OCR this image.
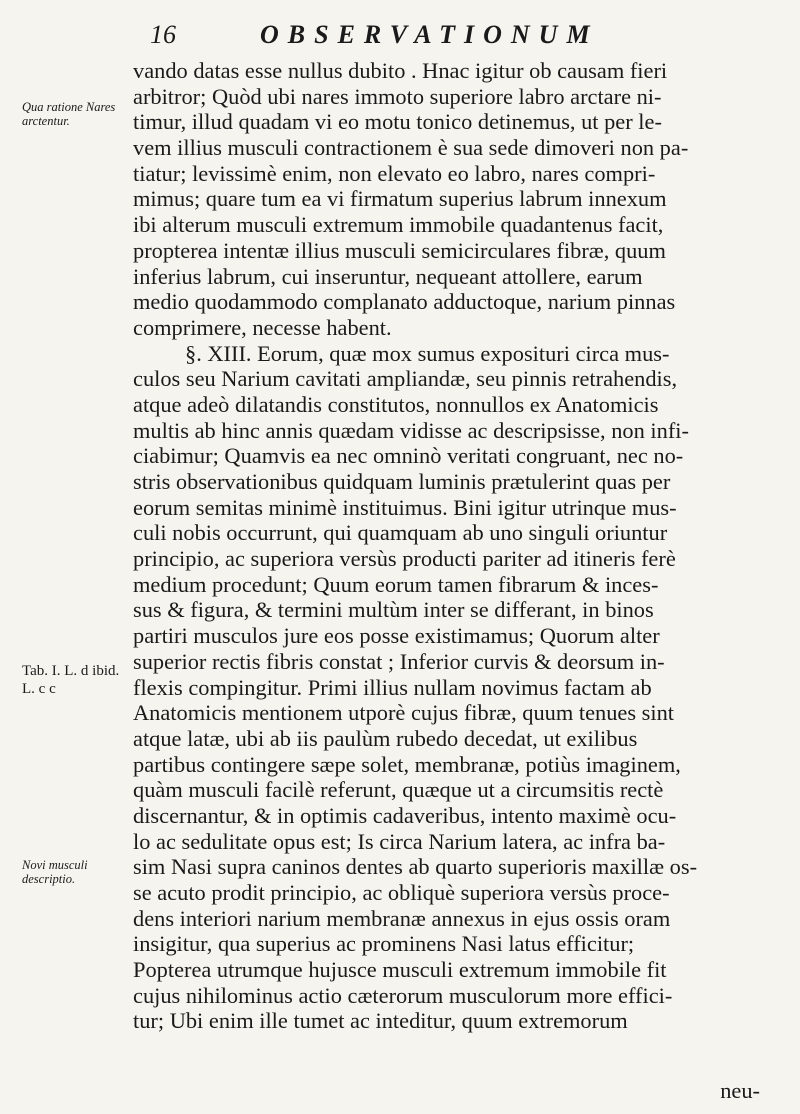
16	OBSERVATIONUM
Qua ratione Nares arctentur.
Tab. I. L. d ibid. L. c c
Novi musculi descriptio.
vando datas esse nullus dubito . Hnac igitur ob causam fieri
arbitror; Quòd ubi nares immoto superiore labro arctare ni-
timur, illud quadam vi eo motu tonico detinemus, ut per le-
vem illius musculi contractionem è sua sede dimoveri non pa-
tiatur; levissimè enim, non elevato eo labro, nares compri-
mimus; quare tum ea vi firmatum superius labrum innexum
ibi alterum musculi extremum immobile quadantenus facit,
propterea intentæ illius musculi semicirculares fibræ, quum
inferius labrum, cui inseruntur, nequeant attollere, earum
medio quodammodo complanato adductoque, narium pinnas
comprimere, necesse habent.
§. XIII. Eorum, quæ mox sumus expositurі circa mus-
culos seu Narium cavitati ampliandæ, seu pinnis retrahendis,
atque adeò dilatandis constitutos, nonnullos ex Anatomicis
multis ab hinc annis quædam vidisse ac descripsisse, non infi-
ciabimur; Quamvis ea nec omninò veritati congruant, nec no-
stris observationibus quidquam luminis prætulerint quas per
eorum semitas minimè instituimus. Bini igitur utrinque mus-
culi nobis occurrunt, qui quamquam ab uno singuli oriuntur
principio, ac superiora versùs producti pariter ad itineris ferè
medium procedunt; Quum eorum tamen fibrarum & inces-
sus & figura, & termini multùm inter se differant, in binos
partiri musculos jure eos posse existimamus; Quorum alter
superior rectis fibris constat ; Inferior curvis & deorsum in-
flexis compingitur. Primi illius nullam novimus factam ab
Anatomicis mentionem utporè cujus fibræ, quum tenues sint
atque latæ, ubi ab iis paulùm rubedo decedat, ut exilibus
partibus contingere sæpe solet, membranæ, potiùs imaginem,
quàm musculi facilè referunt, quæque ut a circumsitis rectè
discernantur, & in optimis cadaveribus, intento maximè ocu-
lo ac sedulitate opus est; Is circa Narium latera, ac infra ba-
sim Nasi supra caninos dentes ab quarto superioris maxillæ os-
se acuto prodit principio, ac obliquè superiora versùs proce-
dens interiori narium membranæ annexus in ejus ossis oram
insigitur, qua superius ac prominens Nasi latus efficitur;
Popterea utrumque hujusce musculi extremum immobile fit
cujus nihilominus actio cæterorum musculorum more effici-
tur; Ubi enim ille tumet ac inteditur, quum extremorum
neu-
